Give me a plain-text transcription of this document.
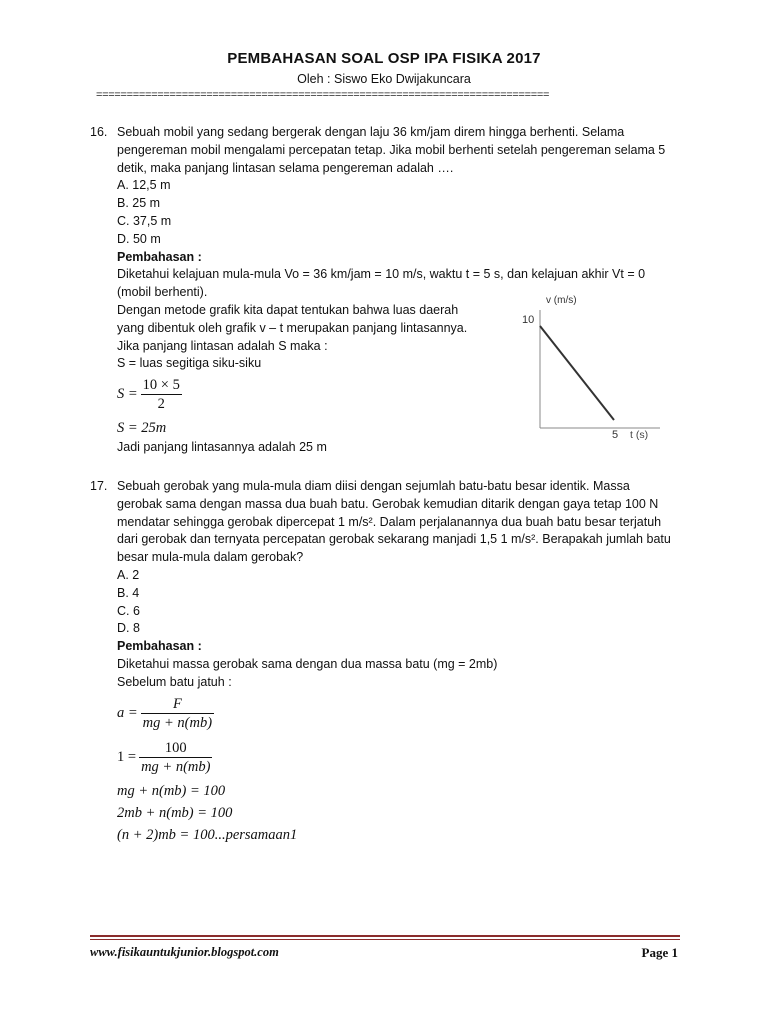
PEMBAHASAN SOAL OSP IPA FISIKA 2017
Oleh : Siswo Eko Dwijakuncara
==========================================================================
16. Sebuah mobil yang sedang bergerak dengan laju 36 km/jam direm hingga berhenti. Selama
pengereman mobil mengalami percepatan tetap. Jika mobil berhenti setelah pengereman selama 5
detik, maka panjang lintasan selama pengereman adalah ….
A. 12,5 m
B. 25 m
C. 37,5 m
D. 50 m
Pembahasan :
Diketahui kelajuan mula-mula Vo = 36 km/jam = 10 m/s, waktu t = 5 s, dan kelajuan akhir Vt = 0
(mobil berhenti).
Dengan metode grafik kita dapat tentukan bahwa luas daerah
yang dibentuk oleh grafik v – t merupakan panjang lintasannya.
Jika panjang lintasan adalah S maka :
S = luas segitiga siku-siku
$S = \frac{10 \times 5}{2}$
S = 25m
Jadi panjang lintasannya adalah 25 m
v (m/s)
10
5 t (s)
17. Sebuah gerobak yang mula-mula diam diisi dengan sejumlah batu-batu besar identik. Massa
gerobak sama dengan massa dua buah batu. Gerobak kemudian ditarik dengan gaya tetap 100 N
mendatar sehingga gerobak dipercepat 1 m/s². Dalam perjalanannya dua buah batu besar terjatuh
dari gerobak dan ternyata percepatan gerobak sekarang manjadi 1,5 1 m/s². Berapakah jumlah batu
besar mula-mula dalam gerobak?
A. 2
B. 4
C. 6
D. 8
Pembahasan :
Diketahui massa gerobak sama dengan dua massa batu (mg = 2mb)
Sebelum batu jatuh :
$a = \frac{F}{mg + n(mb)}$
$1 = \frac{100}{mg + n(mb)}$
mg + n(mb) = 100
2mb + n(mb) = 100
(n + 2)mb = 100...persamaan1
www.fisikauntukjunior.blogspot.com	Page 1
